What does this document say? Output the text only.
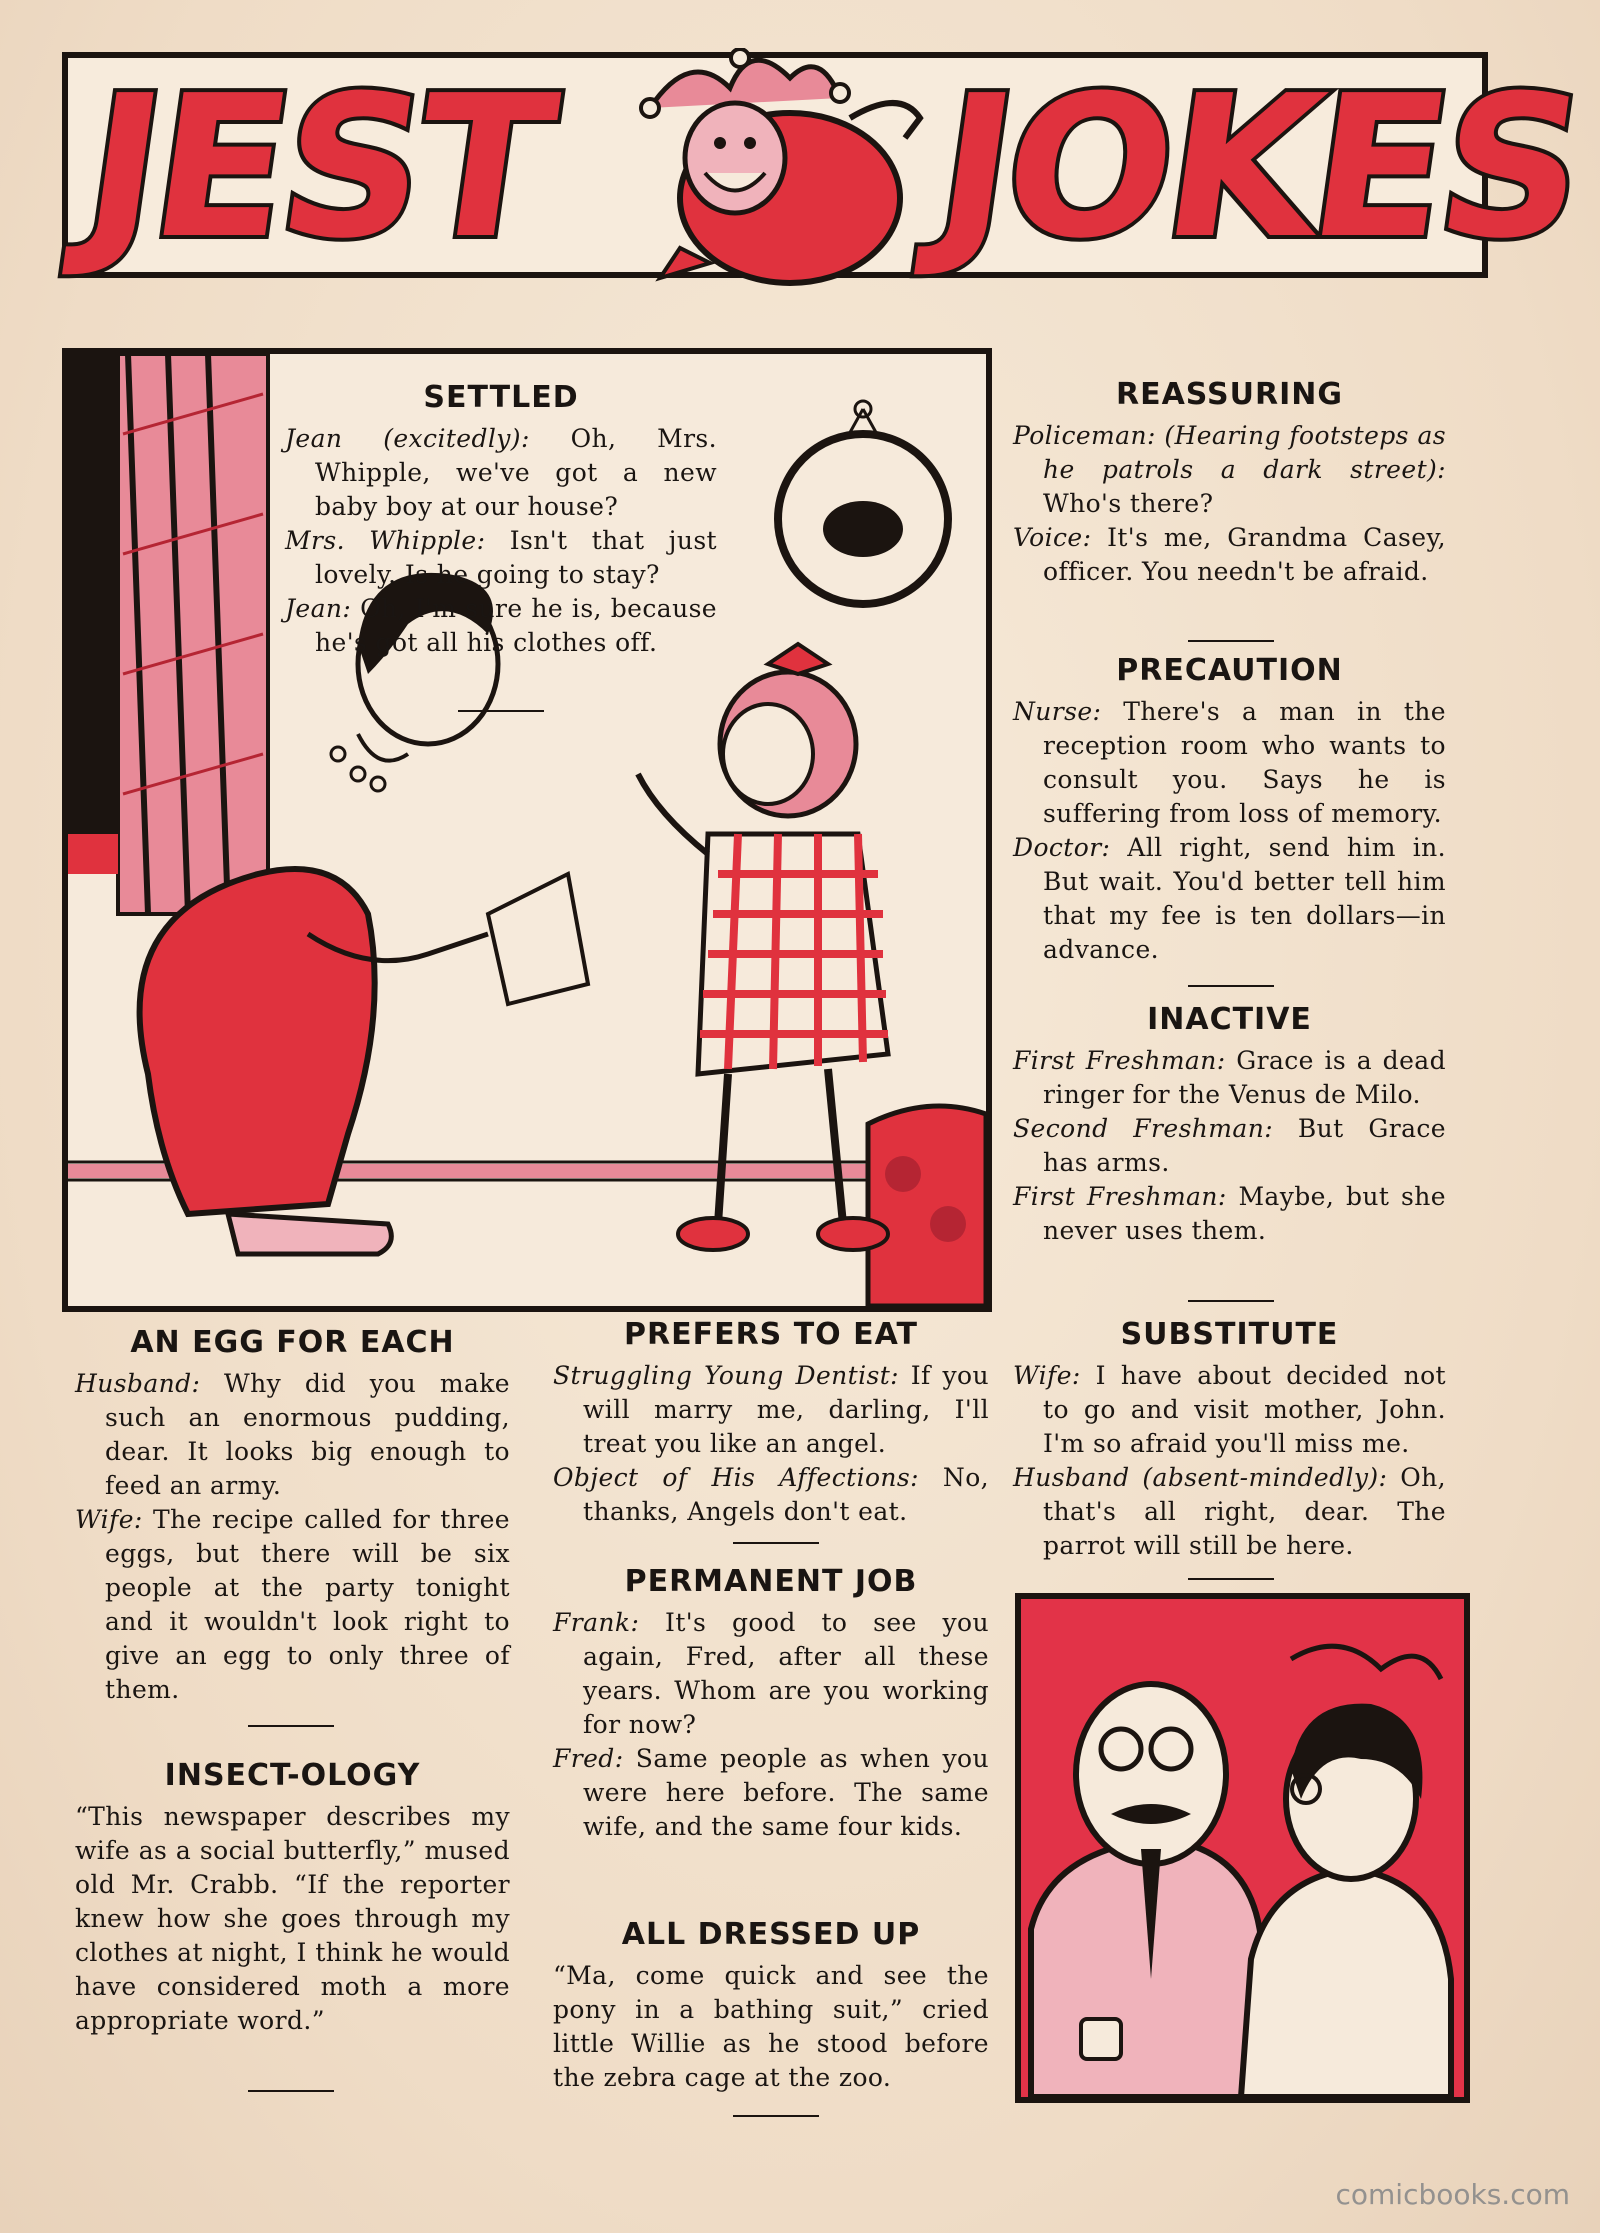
JEST JOKES
SETTLED

Jean (excitedly): Oh, Mrs. Whipple, we've got a new baby boy at our house?

Mrs. Whipple: Isn't that just lovely. Is he going to stay?

Jean: Oh, I'm sure he is, because he's got all his clothes off.

REASSURING

Policeman: (Hearing footsteps as he patrols a dark street): Who's there?

Voice: It's me, Grandma Casey, officer. You needn't be afraid.

PRECAUTION

Nurse: There's a man in the reception room who wants to consult you. Says he is suffering from loss of memory.

Doctor: All right, send him in. But wait. You'd better tell him that my fee is ten dollars—in advance.

INACTIVE

First Freshman: Grace is a dead ringer for the Venus de Milo.

Second Freshman: But Grace has arms.

First Freshman: Maybe, but she never uses them.

SUBSTITUTE

Wife: I have about decided not to go and visit mother, John. I'm so afraid you'll miss me.

Husband (absent-mindedly): Oh, that's all right, dear. The parrot will still be here.

AN EGG FOR EACH

Husband: Why did you make such an enormous pudding, dear. It looks big enough to feed an army.

Wife: The recipe called for three eggs, but there will be six people at the party tonight and it wouldn't look right to give an egg to only three of them.

INSECT-OLOGY

“This newspaper describes my wife as a social butterfly,” mused old Mr. Crabb. “If the reporter knew how she goes through my clothes at night, I think he would have considered moth a more appropriate word.”

PREFERS TO EAT

Struggling Young Dentist: If you will marry me, darling, I'll treat you like an angel.

Object of His Affections: No, thanks, Angels don't eat.

PERMANENT JOB

Frank: It's good to see you again, Fred, after all these years. Whom are you working for now?

Fred: Same people as when you were here before. The same wife, and the same four kids.

ALL DRESSED UP

“Ma, come quick and see the pony in a bathing suit,” cried little Willie as he stood before the zebra cage at the zoo.

comicbooks.com
